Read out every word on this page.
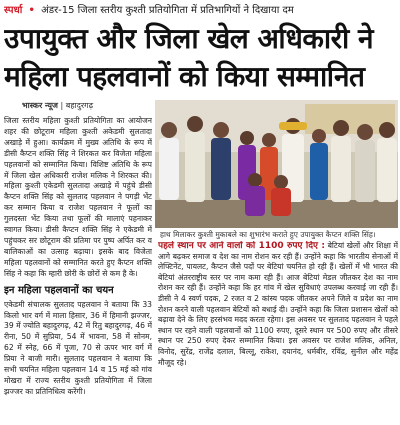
स्पर्धा • अंडर-15 जिला स्तरीय कुश्ती प्रतियोगिता में प्रतिभागियों ने दिखाया दम
उपायुक्त और जिला खेल अधिकारी ने
महिला पहलवानों को किया सम्मानित
भास्कर न्यूज | बहादुरगढ़

जिला स्तरीय महिला कुश्ती प्रतियोगिता का आयोजन शहर की छोटूराम महिला कुश्ती अकेडमी सुलतादा अखाड़े में हुआ। कार्यक्रम में मुख्य अतिथि के रूप में डीसी कैप्टन शक्ति सिंह ने शिरकत कर विजेता महिला पहलवानों को सम्मानित किया। विशिष्ट अतिथि के रूप में जिला खेल अधिकारी राजेश मलिक ने शिरकत की। महिला कुश्ती एकेडमी सुलतादा अखाड़े में पहुंचे डीसी कैप्टन शक्ति सिंह को सुलताद पहलवान ने पगड़ी भेंट कर सम्मान किया व राजेश पहलवान ने फूलों का गुलदस्ता भेंट किया तथा फूलों की मालाएं पहनाकर स्वागत किया। डीसी कैप्टन शक्ति सिंह ने एकेडमी में पहुंचकर सर छोटूराम की प्रतिमा पर पुष्प अर्पित कर व बालिकाओं का उत्साह बढ़ाया। इसके बाद विजेता महिला पहलवानों को सम्मानित करते हुए कैप्टन शक्ति सिंह ने कहा कि म्हारी छोरी के छोरों से कम है के।

इन महिला पहलवानों का चयन

एकेडमी संचालक सुलताद पहलवान ने बताया कि 33 किलो भार वर्ग में माला हिसार, 36 में हिमानी झज्जर, 39 में ज्योति बहादुरगढ़, 42 में रितु बहादुरगढ़, 46 में रीना, 50 में सुप्रिया, 54 में भावना, 58 में सोनम, 62 में स्नेह, 66 में पूजा, 70 से ऊपर भार वर्ग में प्रिया ने बाजी मारी। सुलताद पहलवान ने बताया कि सभी चयनित महिला पहलवान 14 व 15 मई को गांव मोखरा में राज्य स्तरीय कुश्ती प्रतियोगिता में जिला झज्जर का प्रतिनिधित्व करेंगी।

हाथ मिलाकर कुश्ती मुकाबले का शुभारंभ कराते हुए उपायुक्त कैप्टन शक्ति सिंह।
पहले स्थान पर आने वालों को 1100 रुपए दिए : बेटियां खेलों और शिक्षा में आगे बढ़कर समाज व देश का नाम रोशन कर रही हैं। उन्होंने कहा कि भारतीय सेनाओं में लेफ्टिनेंट, पायलट, कैप्टन जैसे पदों पर बेटियां चयनित हो रही हैं। खेलों में भी भारत की बेटियां अंतरराष्ट्रीय स्तर पर नाम कमा रही हैं। आज बेटियां मेडल जीतकर देश का नाम रोशन कर रही हैं। उन्होंने कहा कि हर गांव में खेल सुविधाएं उपलब्ध करवाई जा रही हैं। डीसी ने 4 स्वर्ण पदक, 2 रजत व 2 कांस्य पदक जीतकर अपने जिले व प्रदेश का नाम रोशन करने वाली पहलवान बेटियों को बधाई दी। उन्होंने कहा कि जिला प्रशासन खेलों को बढ़ावा देने के लिए हरसंभव मदद करता रहेगा। इस अवसर पर सुलताद पहलवान ने पहले स्थान पर रहने वाली पहलवानों को 1100 रुपए, दूसरे स्थान पर 500 रुपए और तीसरे स्थान पर 250 रुपए देकर सम्मानित किया। इस अवसर पर राजेश मलिक, अनिल, विनोद, सुरेंद्र, राजेंद्र दलाल, बिल्लू, राकेश, दयानंद, धर्मबीर, रविंद्र, सुनील और महेंद्र मौजूद रहे।
